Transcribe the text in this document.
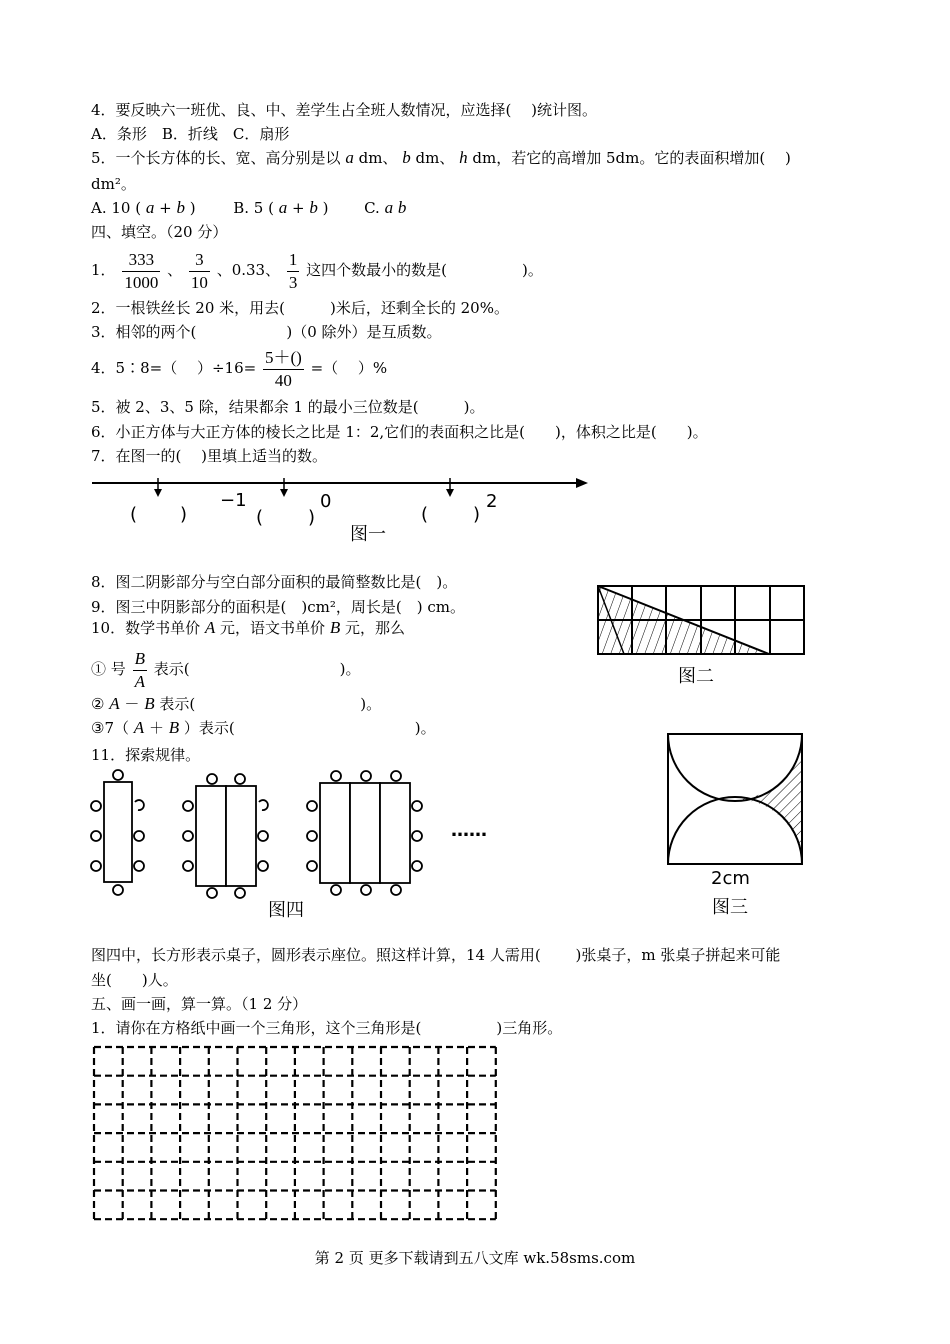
4．要反映六一班优、良、中、差学生占全班人数情况，应选择(　 )统计图。
A．条形　B．折线　C．扇形
5．一个长方体的长、宽、高分别是以 a dm、 b dm、 h dm，若它的高增加 5dm。它的表面积增加(　 )
dm²。
A. 10 ( a + b )	B. 5 ( a + b ) C. a b
四、填空。（20 分）
1． $\frac{333}{1000}$ 、 $\frac{3}{10}$ 、0.33、 $\frac{1}{3}$ 这四个数最小的数是(　　　　　)。
2．一根铁丝长 20 米，用去(　　　)米后，还剩全长的 20%。
3．相邻的两个(　　　　　　)（0 除外）是互质数。
4．5∶8=（　 ）$\div 16= \frac{5+()}{40}$ =（　 ）%
5．被 2、3、5 除，结果都余 1 的最小三位数是(　　　)。
6．小正方体与大正方体的棱长之比是 1：2,它们的表面积之比是(　　)，体积之比是(　　)。
7．在图一的(　 )里填上适当的数。
−1	0	2
( )	( )	( )
图一
8．图二阴影部分与空白部分面积的最简整数比是(　)。
9．图三中阴影部分的面积是(　)cm²，周长是(　) cm。
10．数学书单价 A 元，语文书单价 B 元，那么
① 号 $\frac{B}{A}$ 表示(　　　　　　　　　　)。
② A － B 表示(　　　　　　　　　　　)。
③7（ A ＋ B ）表示(　　　　　　　　　　　　)。
11．探索规律。
图二
2cm
图三
……
图四
图四中，长方形表示桌子，圆形表示座位。照这样计算，14 人需用(　　 )张桌子，m 张桌子拼起来可能
坐(　　)人。
五、画一画，算一算。（1 2 分）
1．请你在方格纸中画一个三角形，这个三角形是(　　　　　)三角形。
第 2 页 更多下载请到五八文库 wk.58sms.com
